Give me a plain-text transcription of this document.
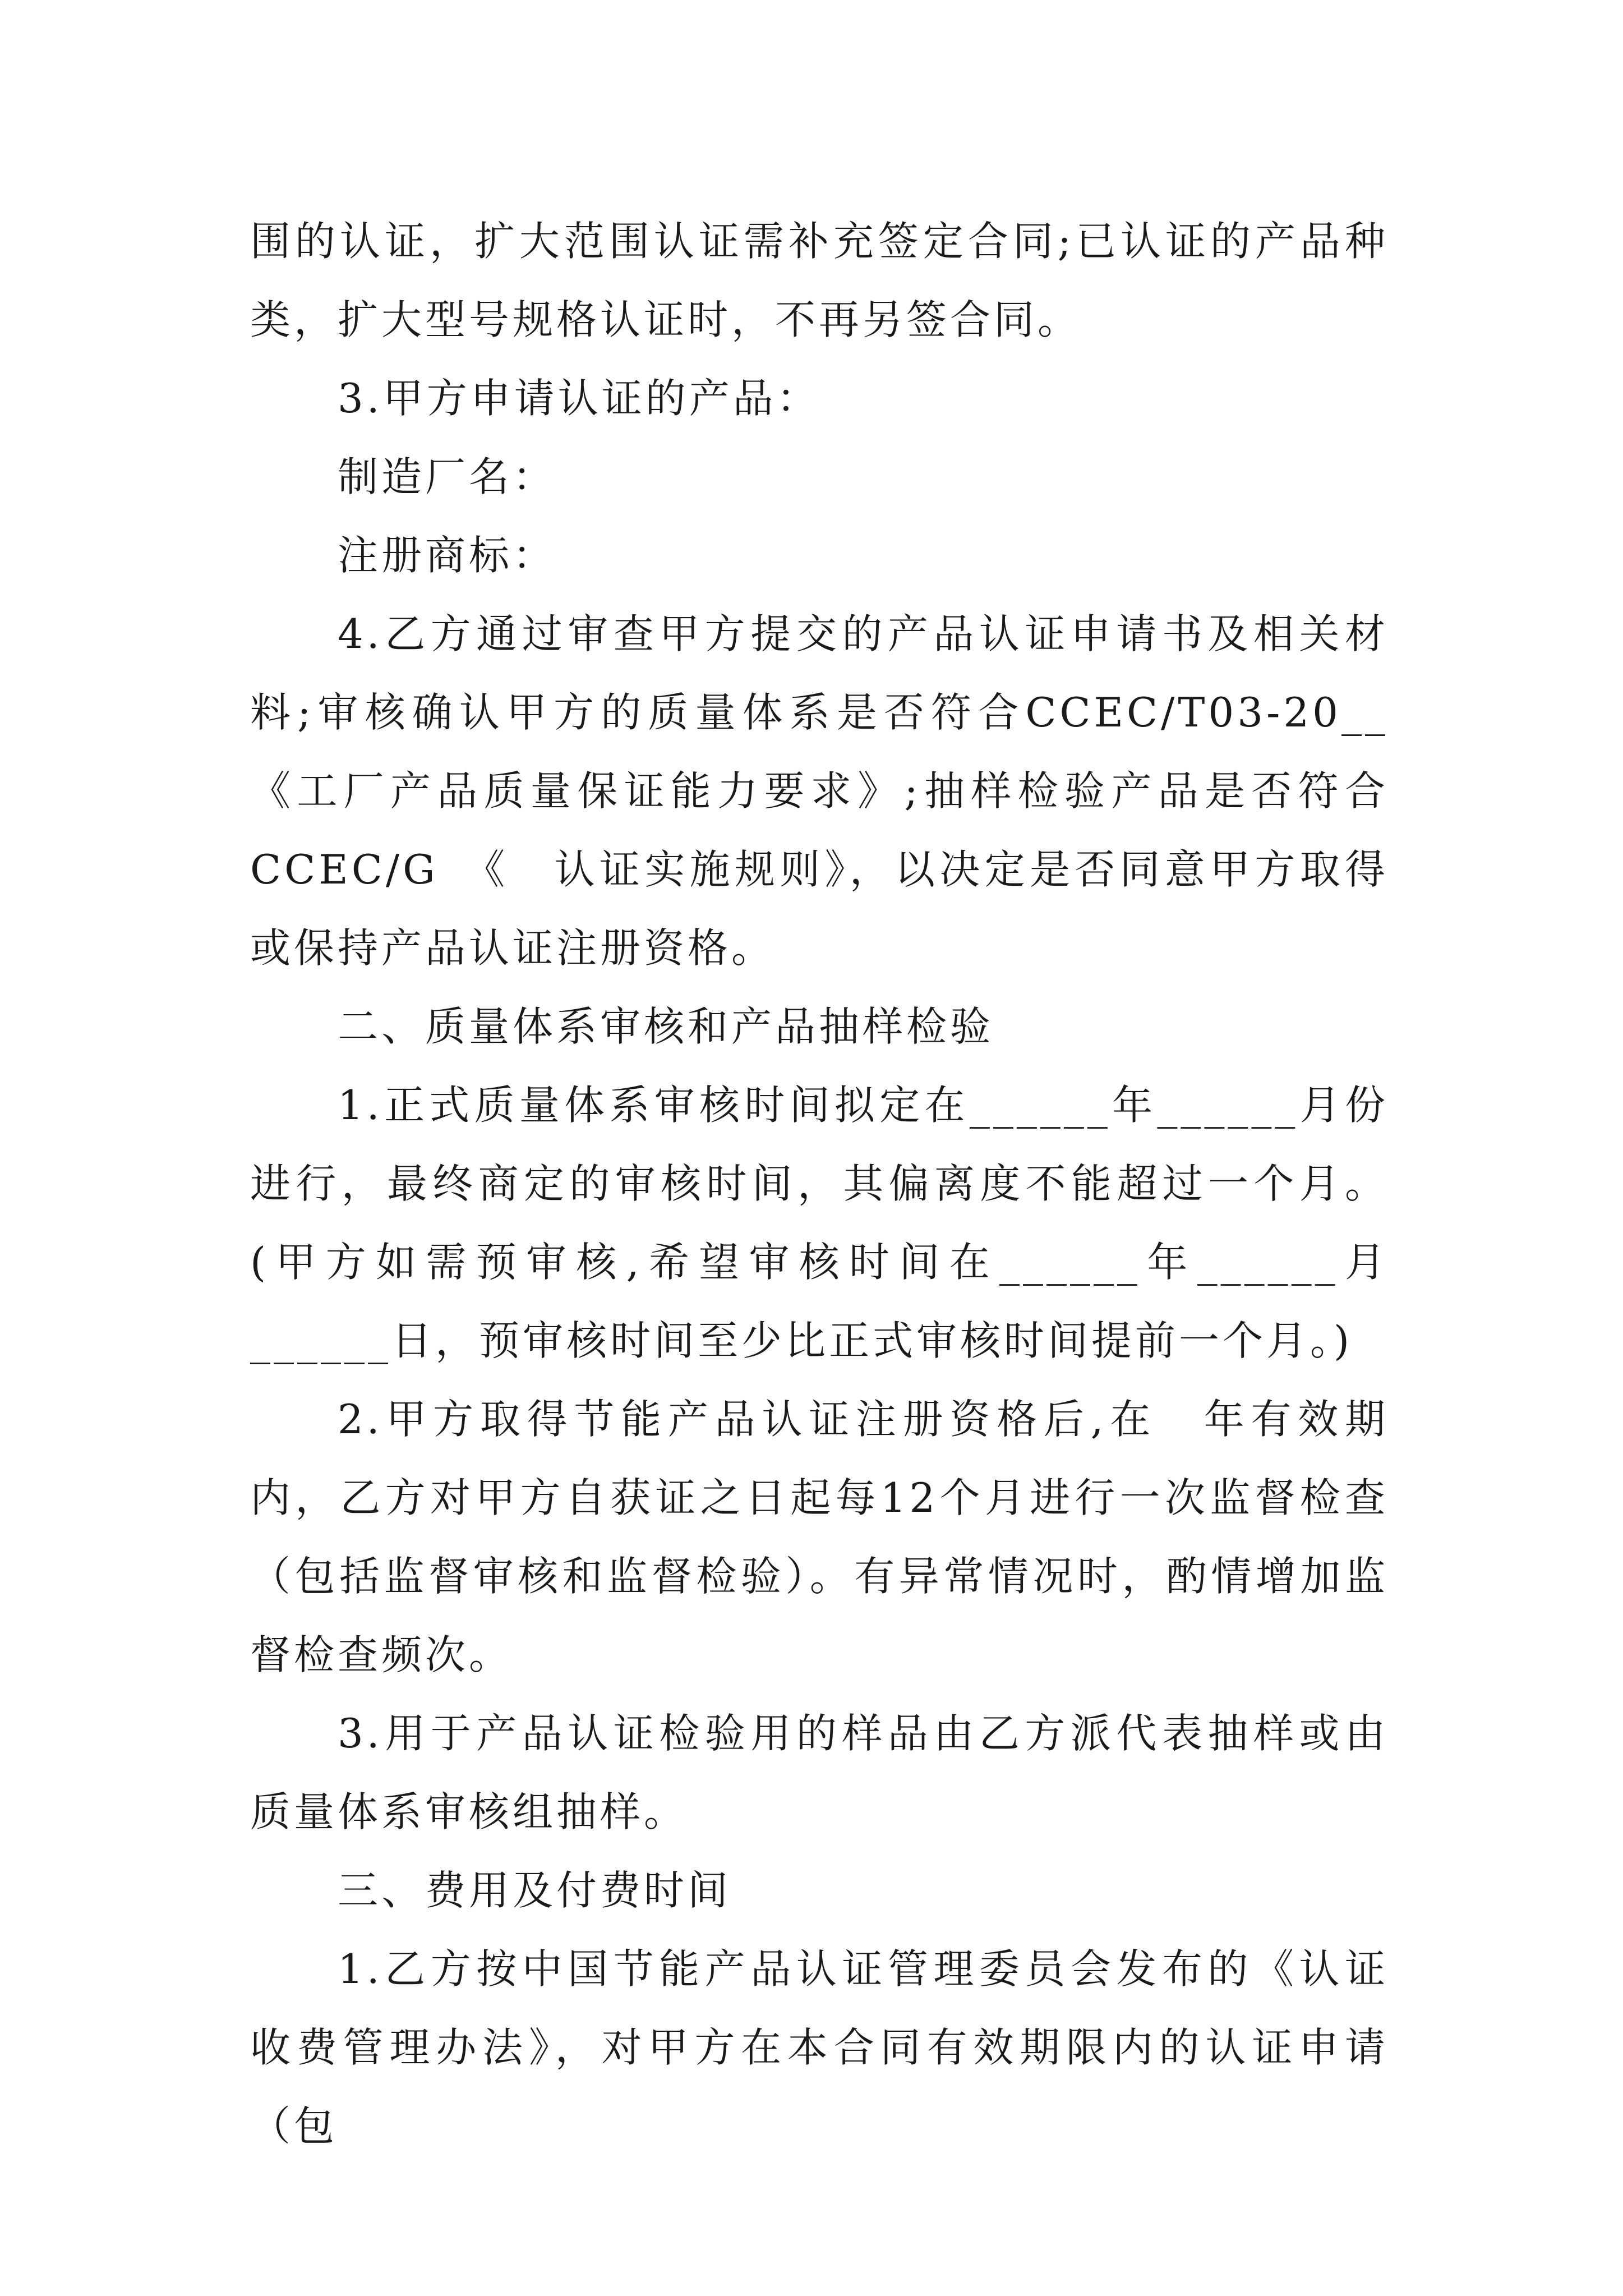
围的认证，扩大范围认证需补充签定合同;已认证的产品种类，扩大型号规格认证时，不再另签合同。

3.甲方申请认证的产品：

制造厂名：

注册商标：

4.乙方通过审查甲方提交的产品认证申请书及相关材料;审核确认甲方的质量体系是否符合CCEC/T03-20__《工厂产品质量保证能力要求》;抽样检验产品是否符合CCEC/G　《　认证实施规则》，以决定是否同意甲方取得或保持产品认证注册资格。

二、质量体系审核和产品抽样检验

1.正式质量体系审核时间拟定在______年______月份进行，最终商定的审核时间，其偏离度不能超过一个月。(甲方如需预审核,希望审核时间在______年______月______日，预审核时间至少比正式审核时间提前一个月。)

2.甲方取得节能产品认证注册资格后,在　年有效期内，乙方对甲方自获证之日起每12个月进行一次监督检查（包括监督审核和监督检验）。有异常情况时，酌情增加监督检查频次。

3.用于产品认证检验用的样品由乙方派代表抽样或由质量体系审核组抽样。

三、费用及付费时间

1.乙方按中国节能产品认证管理委员会发布的《认证收费管理办法》，对甲方在本合同有效期限内的认证申请（包
